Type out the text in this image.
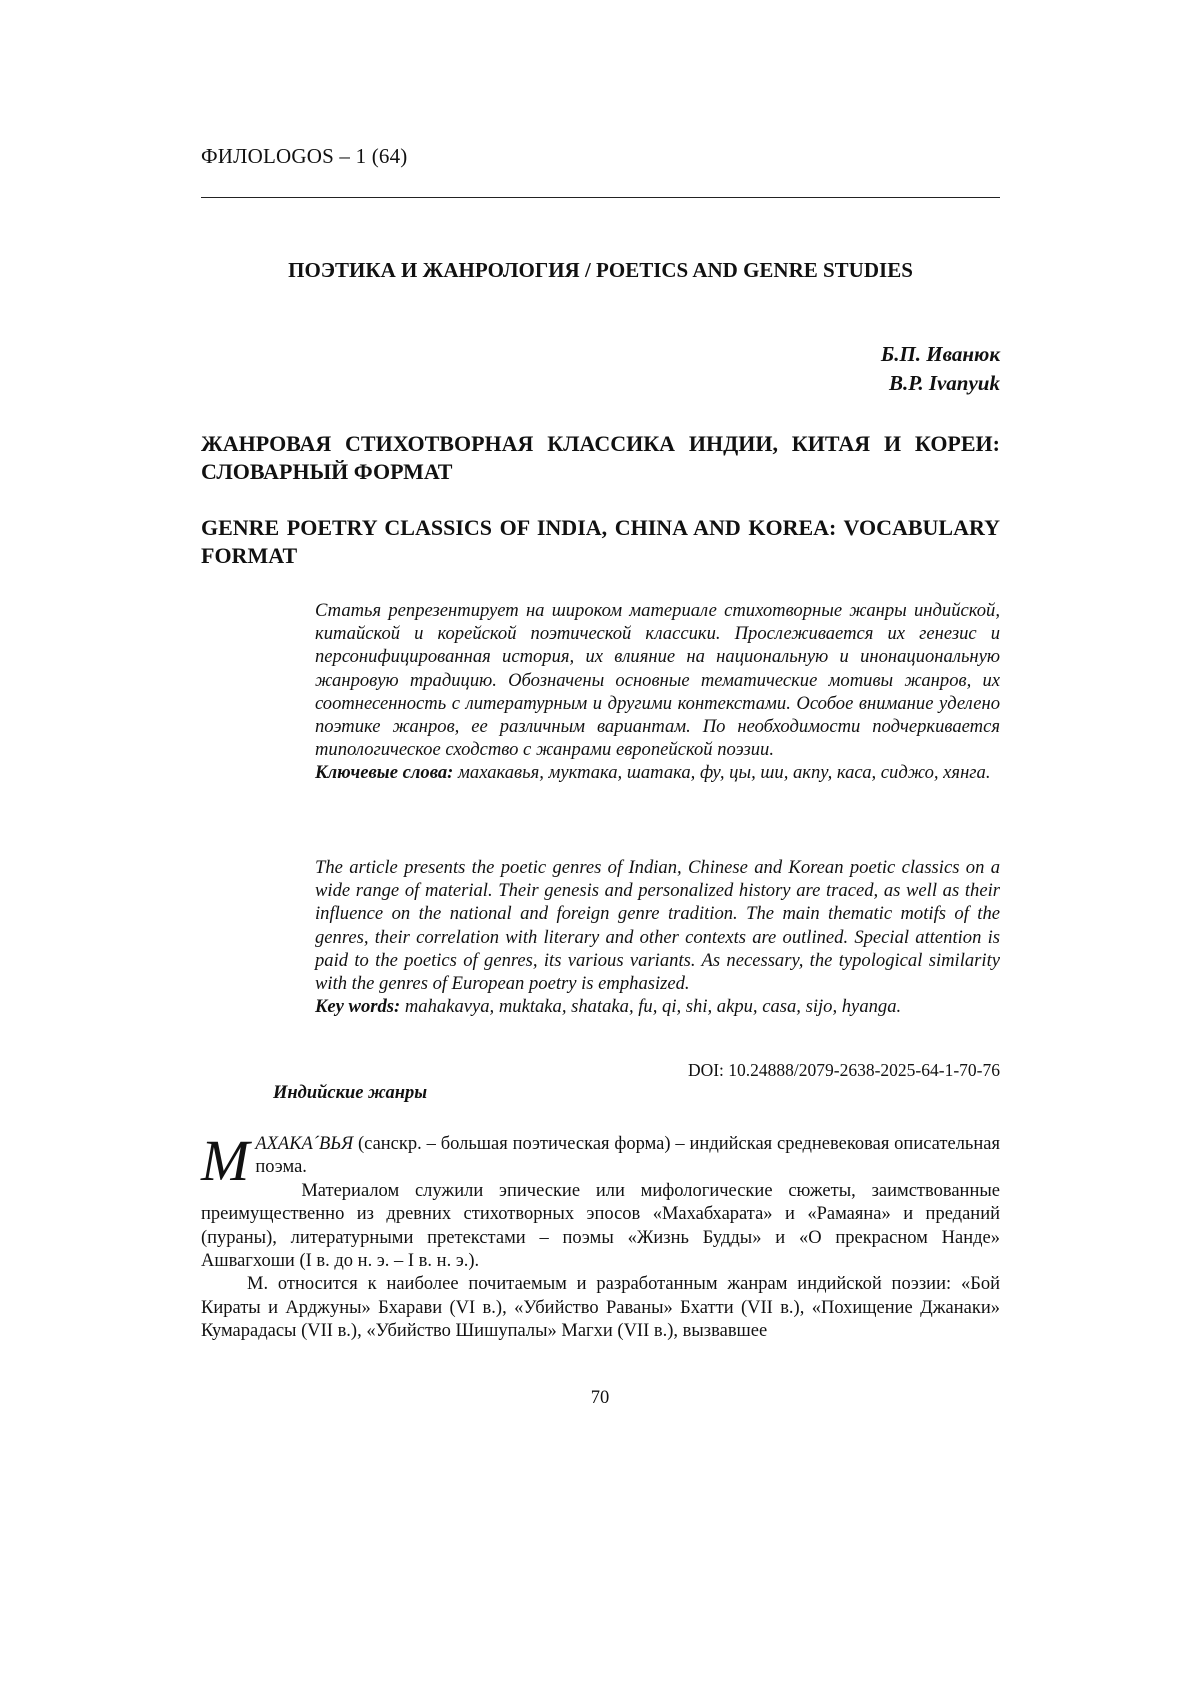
ФИЛОLOGOS – 1 (64)
ПОЭТИКА И ЖАНРОЛОГИЯ / POETICS AND GENRE STUDIES
Б.П. Иванюк
B.P. Ivanyuk
ЖАНРОВАЯ СТИХОТВОРНАЯ КЛАССИКА ИНДИИ, КИТАЯ И КОРЕИ: СЛОВАРНЫЙ ФОРМАТ
GENRE POETRY CLASSICS OF INDIA, CHINA AND KOREA: VOCABULARY FORMAT
Статья репрезентирует на широком материале стихотворные жанры индийской, китайской и корейской поэтической классики. Прослеживается их генезис и персонифицированная история, их влияние на национальную и инонациональную жанровую традицию. Обозначены основные тематические мотивы жанров, их соотнесенность с литературным и другими контекстами. Особое внимание уделено поэтике жанров, ее различным вариантам. По необходимости подчеркивается типологическое сходство с жанрами европейской поэзии.
Ключевые слова: махакавья, муктака, шатака, фу, цы, ши, акпу, каса, сиджо, хянга.
The article presents the poetic genres of Indian, Chinese and Korean poetic classics on a wide range of material. Their genesis and personalized history are traced, as well as their influence on the national and foreign genre tradition. The main thematic motifs of the genres, their correlation with literary and other contexts are outlined. Special attention is paid to the poetics of genres, its various variants. As necessary, the typological similarity with the genres of European poetry is emphasized.
Key words: mahakavya, muktaka, shataka, fu, qi, shi, akpu, casa, sijo, hyanga.
DOI: 10.24888/2079-2638-2025-64-1-70-76
Индийские жанры

М АХАКА´ВЬЯ (санскр. – большая поэтическая форма) – индийская средневековая описательная поэма.

Материалом служили эпические или мифологические сюжеты, заимствованные преимущественно из древних стихотворных эпосов «Махабхарата» и «Рамаяна» и преданий (пураны), литературными претекстами – поэмы «Жизнь Будды» и «О прекрасном Нанде» Ашвагхоши (I в. до н. э. – I в. н. э.).

М. относится к наиболее почитаемым и разработанным жанрам индийской поэзии: «Бой Кираты и Арджуны» Бхарави (VI в.), «Убийство Раваны» Бхатти (VII в.), «Похищение Джанаки» Кумарадасы (VII в.), «Убийство Шишупалы» Магхи (VII в.), вызвавшее

70
